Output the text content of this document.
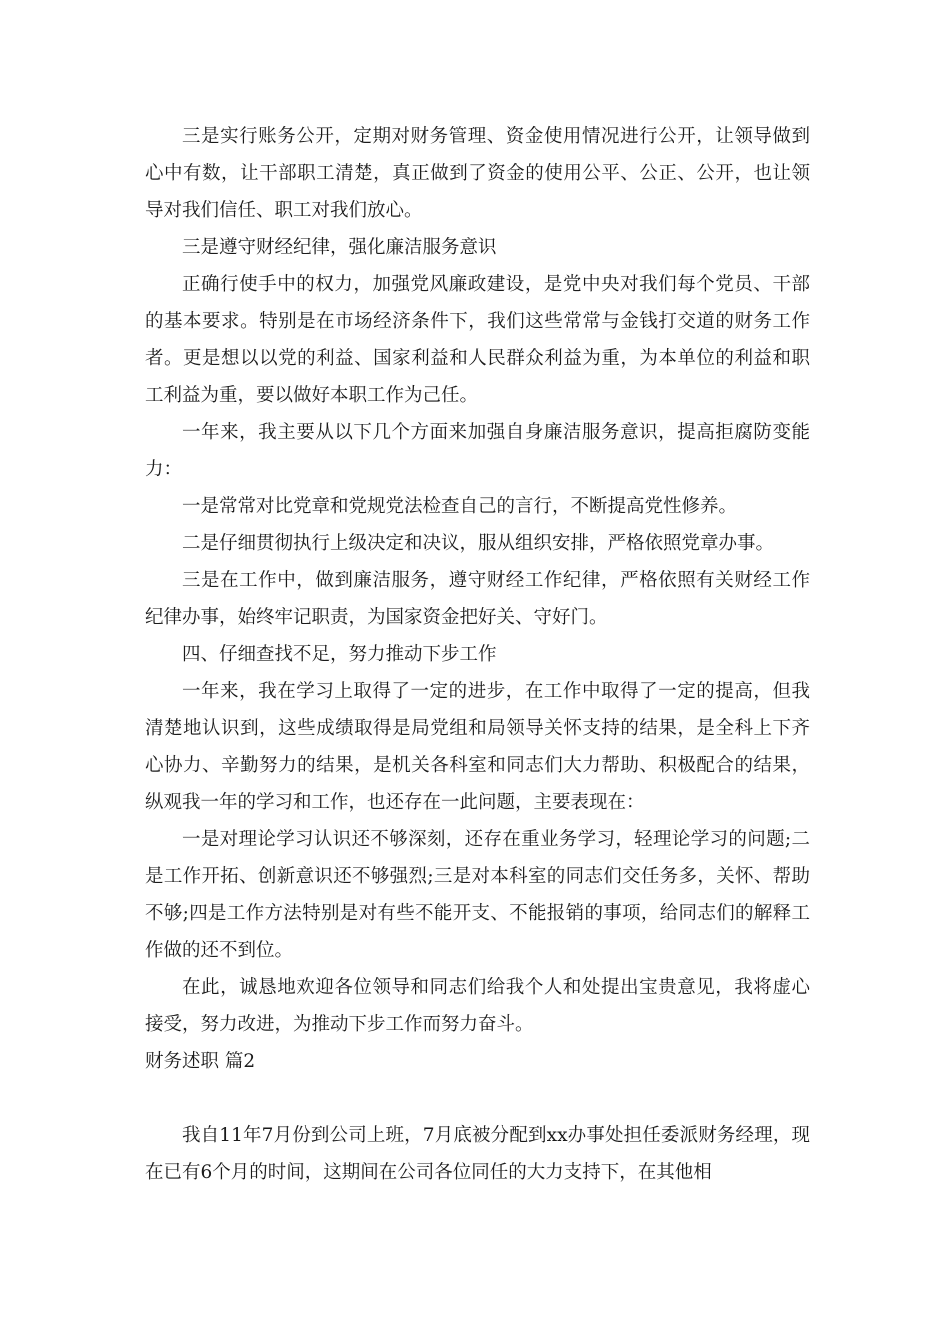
三是实行账务公开，定期对财务管理、资金使用情况进行公开，让领导做到心中有数，让干部职工清楚，真正做到了资金的使用公平、公正、公开，也让领导对我们信任、职工对我们放心。

三是遵守财经纪律，强化廉洁服务意识

正确行使手中的权力，加强党风廉政建设，是党中央对我们每个党员、干部的基本要求。特别是在市场经济条件下，我们这些常常与金钱打交道的财务工作者。更是想以以党的利益、国家利益和人民群众利益为重，为本单位的利益和职工利益为重，要以做好本职工作为己任。

一年来，我主要从以下几个方面来加强自身廉洁服务意识，提高拒腐防变能力：

一是常常对比党章和党规党法检查自己的言行，不断提高党性修养。

二是仔细贯彻执行上级决定和决议，服从组织安排，严格依照党章办事。

三是在工作中，做到廉洁服务，遵守财经工作纪律，严格依照有关财经工作纪律办事，始终牢记职责，为国家资金把好关、守好门。

四、仔细查找不足，努力推动下步工作

一年来，我在学习上取得了一定的进步，在工作中取得了一定的提高，但我清楚地认识到，这些成绩取得是局党组和局领导关怀支持的结果，是全科上下齐心协力、辛勤努力的结果，是机关各科室和同志们大力帮助、积极配合的结果，纵观我一年的学习和工作，也还存在一此问题，主要表现在：

一是对理论学习认识还不够深刻，还存在重业务学习，轻理论学习的问题;二是工作开拓、创新意识还不够强烈;三是对本科室的同志们交任务多，关怀、帮助不够;四是工作方法特别是对有些不能开支、不能报销的事项，给同志们的解释工作做的还不到位。

在此，诚恳地欢迎各位领导和同志们给我个人和处提出宝贵意见，我将虚心接受，努力改进，为推动下步工作而努力奋斗。

财务述职 篇2

我自11年7月份到公司上班，7月底被分配到xx办事处担任委派财务经理，现在已有6个月的时间，这期间在公司各位同任的大力支持下，在其他相
